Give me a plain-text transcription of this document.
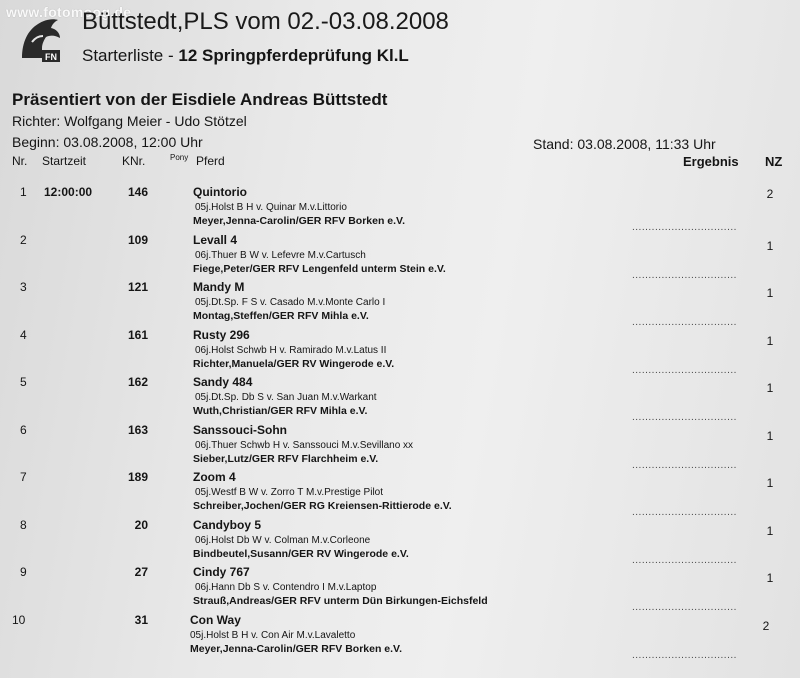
www.fotomoog.de
FN
Büttstedt,PLS vom 02.-03.08.2008
Starterliste - 12 Springpferdeprüfung Kl.L
Präsentiert von der Eisdiele Andreas Büttstedt
Richter: Wolfgang Meier - Udo Stötzel
Beginn: 03.08.2008, 12:00 Uhr	Stand: 03.08.2008, 11:33 Uhr
Nr. Startzeit	KNr.	Pony Pferd	Ergebnis NZ
1 12:00:00	146	Quintorio
05j.Holst B H v. Quinar M.v.Littorio
Meyer,Jenna-Carolin/GER RFV Borken e.V.
................................
2
2	109	Levall 4
06j.Thuer B W v. Lefevre M.v.Cartusch
Fiege,Peter/GER RFV Lengenfeld unterm Stein e.V.
................................
1
3	121	Mandy M
05j.Dt.Sp. F S v. Casado M.v.Monte Carlo I
Montag,Steffen/GER RFV Mihla e.V.
................................
1
4	161	Rusty 296
06j.Holst Schwb H v. Ramirado M.v.Latus II
Richter,Manuela/GER RV Wingerode e.V.
................................
1
5	162	Sandy 484
05j.Dt.Sp. Db S v. San Juan M.v.Warkant
Wuth,Christian/GER RFV Mihla e.V.
................................
1
6	163	Sanssouci-Sohn
06j.Thuer Schwb H v. Sanssouci M.v.Sevillano xx
Sieber,Lutz/GER RFV Flarchheim e.V.
................................
1
7	189	Zoom 4
05j.Westf B W v. Zorro T M.v.Prestige Pilot
Schreiber,Jochen/GER RG Kreiensen-Rittierode e.V.
................................
1
8	20	Candyboy 5
06j.Holst Db W v. Colman M.v.Corleone
Bindbeutel,Susann/GER RV Wingerode e.V.
................................
1
9	27	Cindy 767
06j.Hann Db S v. Contendro I M.v.Laptop
Strauß,Andreas/GER RFV unterm Dün Birkungen-Eichsfeld
................................
1
10	31	Con Way
05j.Holst B H v. Con Air M.v.Lavaletto
Meyer,Jenna-Carolin/GER RFV Borken e.V.
................................
2
